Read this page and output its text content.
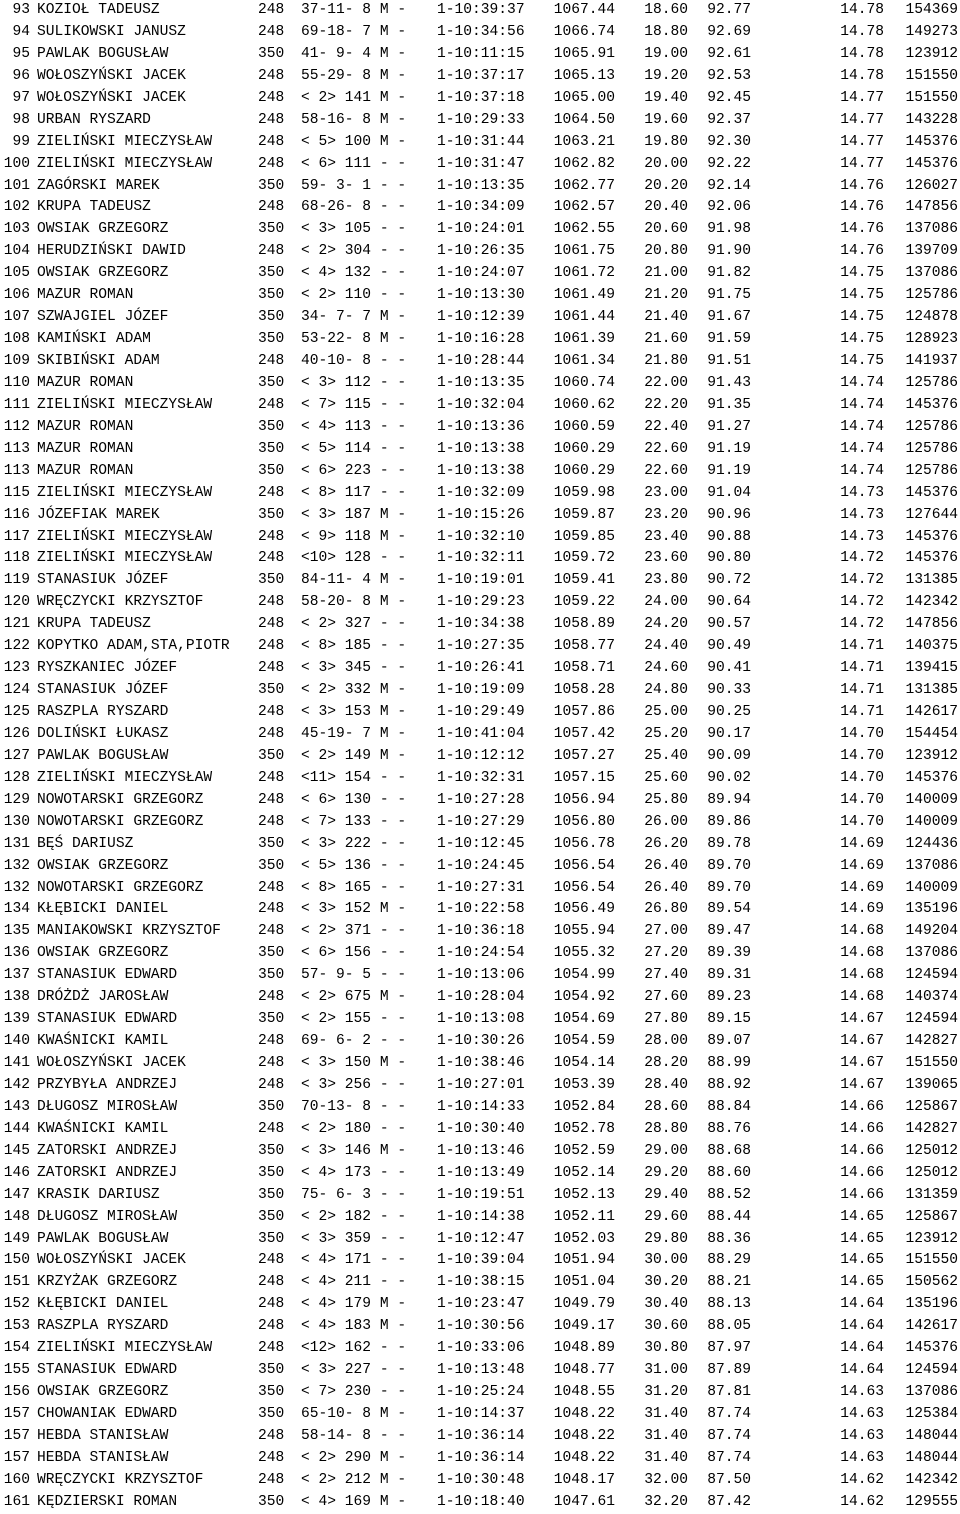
93 KOZIOŁ TADEUSZ	248 37-11- 8 M - 1-10:39:37	1067.44	18.60	92.77	14.78	154369
94 SULIKOWSKI JANUSZ	248 69-18- 7 M - 1-10:34:56	1066.74	18.80	92.69	14.78	149273
95 PAWLAK BOGUSŁAW	350 41- 9- 4 M - 1-10:11:15	1065.91	19.00	92.61	14.78	123912
96 WOŁOSZYŃSKI JACEK	248 55-29- 8 M - 1-10:37:17	1065.13	19.20	92.53	14.78	151550
97 WOŁOSZYŃSKI JACEK	248 < 2> 141 M - 1-10:37:18	1065.00	19.40	92.45	14.77	151550
98 URBAN RYSZARD	248 58-16- 8 M - 1-10:29:33	1064.50	19.60	92.37	14.77	143228
99 ZIELIŃSKI MIECZYSŁAW	248 < 5> 100 M - 1-10:31:44	1063.21	19.80	92.30	14.77	145376
100 ZIELIŃSKI MIECZYSŁAW	248 < 6> 111 - - 1-10:31:47	1062.82	20.00	92.22	14.77	145376
101 ZAGÓRSKI MAREK	350 59- 3- 1 - - 1-10:13:35	1062.77	20.20	92.14	14.76	126027
102 KRUPA TADEUSZ	248 68-26- 8 - - 1-10:34:09	1062.57	20.40	92.06	14.76	147856
103 OWSIAK GRZEGORZ	350 < 3> 105 - - 1-10:24:01	1062.55	20.60	91.98	14.76	137086
104 HERUDZIŃSKI DAWID	248 < 2> 304 - - 1-10:26:35	1061.75	20.80	91.90	14.76	139709
105 OWSIAK GRZEGORZ	350 < 4> 132 - - 1-10:24:07	1061.72	21.00	91.82	14.75	137086
106 MAZUR ROMAN	350 < 2> 110 - - 1-10:13:30	1061.49	21.20	91.75	14.75	125786
107 SZWAJGIEL JÓZEF	350 34- 7- 7 M - 1-10:12:39	1061.44	21.40	91.67	14.75	124878
108 KAMIŃSKI ADAM	350 53-22- 8 M - 1-10:16:28	1061.39	21.60	91.59	14.75	128923
109 SKIBIŃSKI ADAM	248 40-10- 8 - - 1-10:28:44	1061.34	21.80	91.51	14.75	141937
110 MAZUR ROMAN	350 < 3> 112 - - 1-10:13:35	1060.74	22.00	91.43	14.74	125786
111 ZIELIŃSKI MIECZYSŁAW	248 < 7> 115 - - 1-10:32:04	1060.62	22.20	91.35	14.74	145376
112 MAZUR ROMAN	350 < 4> 113 - - 1-10:13:36	1060.59	22.40	91.27	14.74	125786
113 MAZUR ROMAN	350 < 5> 114 - - 1-10:13:38	1060.29	22.60	91.19	14.74	125786
113 MAZUR ROMAN	350 < 6> 223 - - 1-10:13:38	1060.29	22.60	91.19	14.74	125786
115 ZIELIŃSKI MIECZYSŁAW	248 < 8> 117 - - 1-10:32:09	1059.98	23.00	91.04	14.73	145376
116 JÓZEFIAK MAREK	350 < 3> 187 M - 1-10:15:26	1059.87	23.20	90.96	14.73	127644
117 ZIELIŃSKI MIECZYSŁAW	248 < 9> 118 M - 1-10:32:10	1059.85	23.40	90.88	14.73	145376
118 ZIELIŃSKI MIECZYSŁAW	248 <10> 128 - - 1-10:32:11	1059.72	23.60	90.80	14.72	145376
119 STANASIUK JÓZEF	350 84-11- 4 M - 1-10:19:01	1059.41	23.80	90.72	14.72	131385
120 WRĘCZYCKI KRZYSZTOF	248 58-20- 8 M - 1-10:29:23	1059.22	24.00	90.64	14.72	142342
121 KRUPA TADEUSZ	248 < 2> 327 - - 1-10:34:38	1058.89	24.20	90.57	14.72	147856
122 KOPYTKO ADAM,STA,PIOTR 248 < 8> 185 - - 1-10:27:35	1058.77	24.40	90.49	14.71	140375
123 RYSZKANIEC JÓZEF	248 < 3> 345 - - 1-10:26:41	1058.71	24.60	90.41	14.71	139415
124 STANASIUK JÓZEF	350 < 2> 332 M - 1-10:19:09	1058.28	24.80	90.33	14.71	131385
125 RASZPLA RYSZARD	248 < 3> 153 M - 1-10:29:49	1057.86	25.00	90.25	14.71	142617
126 DOLIŃSKI ŁUKASZ	248 45-19- 7 M - 1-10:41:04	1057.42	25.20	90.17	14.70	154454
127 PAWLAK BOGUSŁAW	350 < 2> 149 M - 1-10:12:12	1057.27	25.40	90.09	14.70	123912
128 ZIELIŃSKI MIECZYSŁAW	248 <11> 154 - - 1-10:32:31	1057.15	25.60	90.02	14.70	145376
129 NOWOTARSKI GRZEGORZ	248 < 6> 130 - - 1-10:27:28	1056.94	25.80	89.94	14.70	140009
130 NOWOTARSKI GRZEGORZ	248 < 7> 133 - - 1-10:27:29	1056.80	26.00	89.86	14.70	140009
131 BĘŚ DARIUSZ	350 < 3> 222 - - 1-10:12:45	1056.78	26.20	89.78	14.69	124436
132 OWSIAK GRZEGORZ	350 < 5> 136 - - 1-10:24:45	1056.54	26.40	89.70	14.69	137086
132 NOWOTARSKI GRZEGORZ	248 < 8> 165 - - 1-10:27:31	1056.54	26.40	89.70	14.69	140009
134 KŁĘBICKI DANIEL	248 < 3> 152 M - 1-10:22:58	1056.49	26.80	89.54	14.69	135196
135 MANIAKOWSKI KRZYSZTOF	248 < 2> 371 - - 1-10:36:18	1055.94	27.00	89.47	14.68	149204
136 OWSIAK GRZEGORZ	350 < 6> 156 - - 1-10:24:54	1055.32	27.20	89.39	14.68	137086
137 STANASIUK EDWARD	350 57- 9- 5 - - 1-10:13:06	1054.99	27.40	89.31	14.68	124594
138 DRÓŻDŻ JAROSŁAW	248 < 2> 675 M - 1-10:28:04	1054.92	27.60	89.23	14.68	140374
139 STANASIUK EDWARD	350 < 2> 155 - - 1-10:13:08	1054.69	27.80	89.15	14.67	124594
140 KWAŚNICKI KAMIL	248 69- 6- 2 - - 1-10:30:26	1054.59	28.00	89.07	14.67	142827
141 WOŁOSZYŃSKI JACEK	248 < 3> 150 M - 1-10:38:46	1054.14	28.20	88.99	14.67	151550
142 PRZYBYŁA ANDRZEJ	248 < 3> 256 - - 1-10:27:01	1053.39	28.40	88.92	14.67	139065
143 DŁUGOSZ MIROSŁAW	350 70-13- 8 - - 1-10:14:33	1052.84	28.60	88.84	14.66	125867
144 KWAŚNICKI KAMIL	248 < 2> 180 - - 1-10:30:40	1052.78	28.80	88.76	14.66	142827
145 ZATORSKI ANDRZEJ	350 < 3> 146 M - 1-10:13:46	1052.59	29.00	88.68	14.66	125012
146 ZATORSKI ANDRZEJ	350 < 4> 173 - - 1-10:13:49	1052.14	29.20	88.60	14.66	125012
147 KRASIK DARIUSZ	350 75- 6- 3 - - 1-10:19:51	1052.13	29.40	88.52	14.66	131359
148 DŁUGOSZ MIROSŁAW	350 < 2> 182 - - 1-10:14:38	1052.11	29.60	88.44	14.65	125867
149 PAWLAK BOGUSŁAW	350 < 3> 359 - - 1-10:12:47	1052.03	29.80	88.36	14.65	123912
150 WOŁOSZYŃSKI JACEK	248 < 4> 171 - - 1-10:39:04	1051.94	30.00	88.29	14.65	151550
151 KRZYŻAK GRZEGORZ	248 < 4> 211 - - 1-10:38:15	1051.04	30.20	88.21	14.65	150562
152 KŁĘBICKI DANIEL	248 < 4> 179 M - 1-10:23:47	1049.79	30.40	88.13	14.64	135196
153 RASZPLA RYSZARD	248 < 4> 183 M - 1-10:30:56	1049.17	30.60	88.05	14.64	142617
154 ZIELIŃSKI MIECZYSŁAW	248 <12> 162 - - 1-10:33:06	1048.89	30.80	87.97	14.64	145376
155 STANASIUK EDWARD	350 < 3> 227 - - 1-10:13:48	1048.77	31.00	87.89	14.64	124594
156 OWSIAK GRZEGORZ	350 < 7> 230 - - 1-10:25:24	1048.55	31.20	87.81	14.63	137086
157 CHOWANIAK EDWARD	350 65-10- 8 M - 1-10:14:37	1048.22	31.40	87.74	14.63	125384
157 HEBDA STANISŁAW	248 58-14- 8 - - 1-10:36:14	1048.22	31.40	87.74	14.63	148044
157 HEBDA STANISŁAW	248 < 2> 290 M - 1-10:36:14	1048.22	31.40	87.74	14.63	148044
160 WRĘCZYCKI KRZYSZTOF	248 < 2> 212 M - 1-10:30:48	1048.17	32.00	87.50	14.62	142342
161 KĘDZIERSKI ROMAN	350 < 4> 169 M - 1-10:18:40	1047.61	32.20	87.42	14.62	129555
